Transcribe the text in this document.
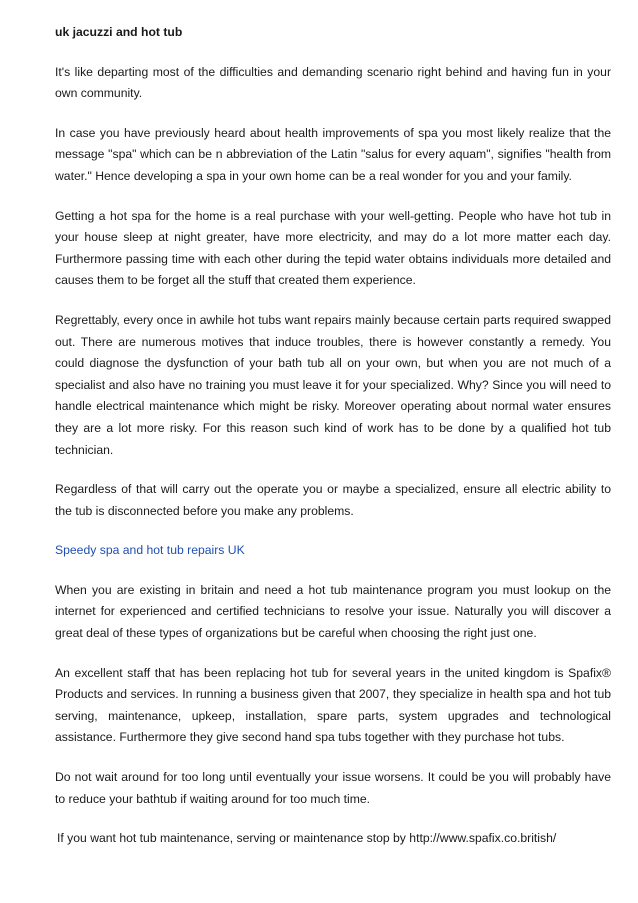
uk jacuzzi and hot tub

It's like departing most of the difficulties and demanding scenario right behind and having fun in your own community.

In case you have previously heard about health improvements of spa you most likely realize that the message "spa" which can be n abbreviation of the Latin "salus for every aquam", signifies "health from water." Hence developing a spa in your own home can be a real wonder for you and your family.

Getting a hot spa for the home is a real purchase with your well-getting. People who have hot tub in your house sleep at night greater, have more electricity, and may do a lot more matter each day. Furthermore passing time with each other during the tepid water obtains individuals more detailed and causes them to be forget all the stuff that created them experience.

Regrettably, every once in awhile hot tubs want repairs mainly because certain parts required swapped out. There are numerous motives that induce troubles, there is however constantly a remedy. You could diagnose the dysfunction of your bath tub all on your own, but when you are not much of a specialist and also have no training you must leave it for your specialized. Why? Since you will need to handle electrical maintenance which might be risky. Moreover operating about normal water ensures they are a lot more risky. For this reason such kind of work has to be done by a qualified hot tub technician.

Regardless of that will carry out the operate you or maybe a specialized, ensure all electric ability to the tub is disconnected before you make any problems.

Speedy spa and hot tub repairs UK

When you are existing in britain and need a hot tub maintenance program you must lookup on the internet for experienced and certified technicians to resolve your issue. Naturally you will discover a great deal of these types of organizations but be careful when choosing the right just one.

An excellent staff that has been replacing hot tub for several years in the united kingdom is Spafix® Products and services. In running a business given that 2007, they specialize in health spa and hot tub serving, maintenance, upkeep, installation, spare parts, system upgrades and technological assistance. Furthermore they give second hand spa tubs together with they purchase hot tubs.

Do not wait around for too long until eventually your issue worsens. It could be you will probably have to reduce your bathtub if waiting around for too much time.

If you want hot tub maintenance, serving or maintenance stop by http://www.spafix.co.british/
